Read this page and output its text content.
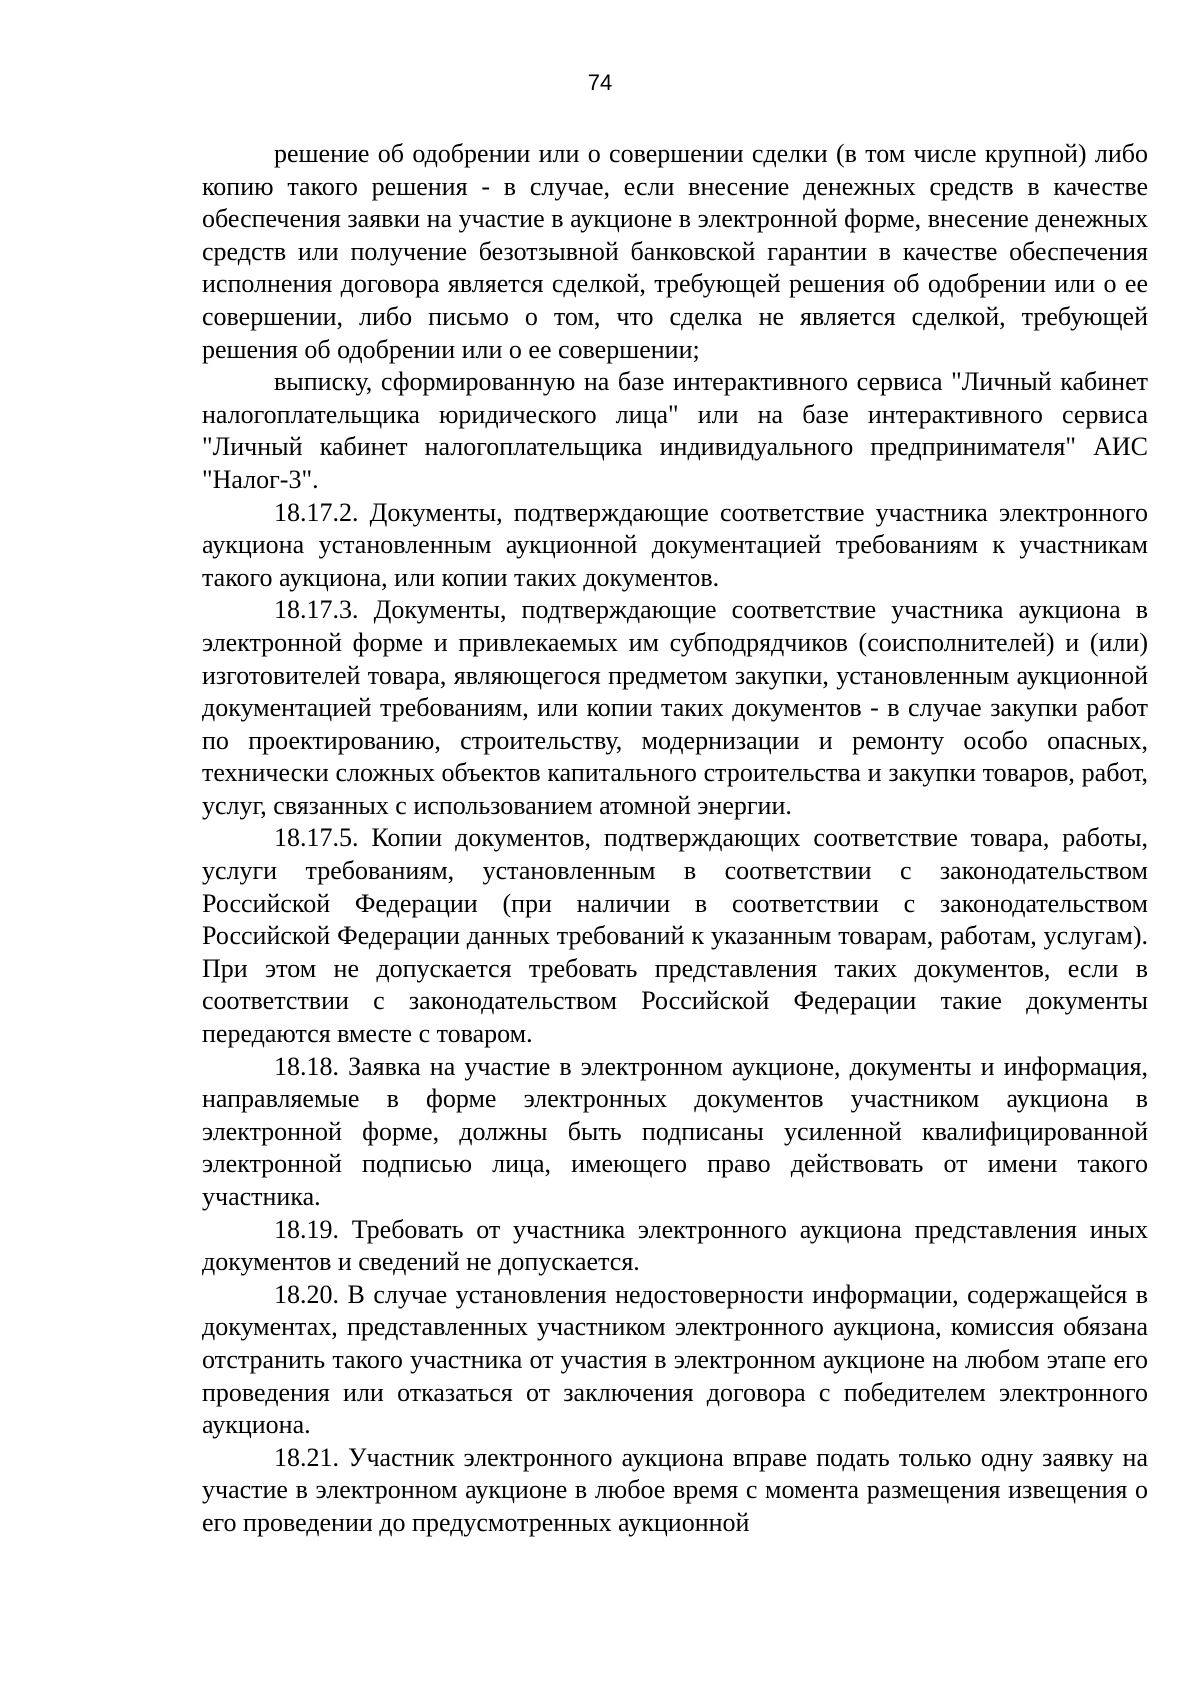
74

решение об одобрении или о совершении сделки (в том числе крупной) либо копию такого решения - в случае, если внесение денежных средств в качестве обеспечения заявки на участие в аукционе в электронной форме, внесение денежных средств или получение безотзывной банковской гарантии в качестве обеспечения исполнения договора является сделкой, требующей решения об одобрении или о ее совершении, либо письмо о том, что сделка не является сделкой, требующей решения об одобрении или о ее совершении;

выписку, сформированную на базе интерактивного сервиса "Личный кабинет налогоплательщика юридического лица" или на базе интерактивного сервиса "Личный кабинет налогоплательщика индивидуального предпринимателя" АИС "Налог-3".

18.17.2. Документы, подтверждающие соответствие участника электронного аукциона установленным аукционной документацией требованиям к участникам такого аукциона, или копии таких документов.

18.17.3. Документы, подтверждающие соответствие участника аукциона в электронной форме и привлекаемых им субподрядчиков (соисполнителей) и (или) изготовителей товара, являющегося предметом закупки, установленным аукционной документацией требованиям, или копии таких документов - в случае закупки работ по проектированию, строительству, модернизации и ремонту особо опасных, технически сложных объектов капитального строительства и закупки товаров, работ, услуг, связанных с использованием атомной энергии.

18.17.5. Копии документов, подтверждающих соответствие товара, работы, услуги требованиям, установленным в соответствии с законодательством Российской Федерации (при наличии в соответствии с законодательством Российской Федерации данных требований к указанным товарам, работам, услугам). При этом не допускается требовать представления таких документов, если в соответствии с законодательством Российской Федерации такие документы передаются вместе с товаром.

18.18. Заявка на участие в электронном аукционе, документы и информация, направляемые в форме электронных документов участником аукциона в электронной форме, должны быть подписаны усиленной квалифицированной электронной подписью лица, имеющего право действовать от имени такого участника.

18.19. Требовать от участника электронного аукциона представления иных документов и сведений не допускается.

18.20. В случае установления недостоверности информации, содержащейся в документах, представленных участником электронного аукциона, комиссия обязана отстранить такого участника от участия в электронном аукционе на любом этапе его проведения или отказаться от заключения договора с победителем электронного аукциона.

18.21. Участник электронного аукциона вправе подать только одну заявку на участие в электронном аукционе в любое время с момента размещения извещения о его проведении до предусмотренных аукционной
